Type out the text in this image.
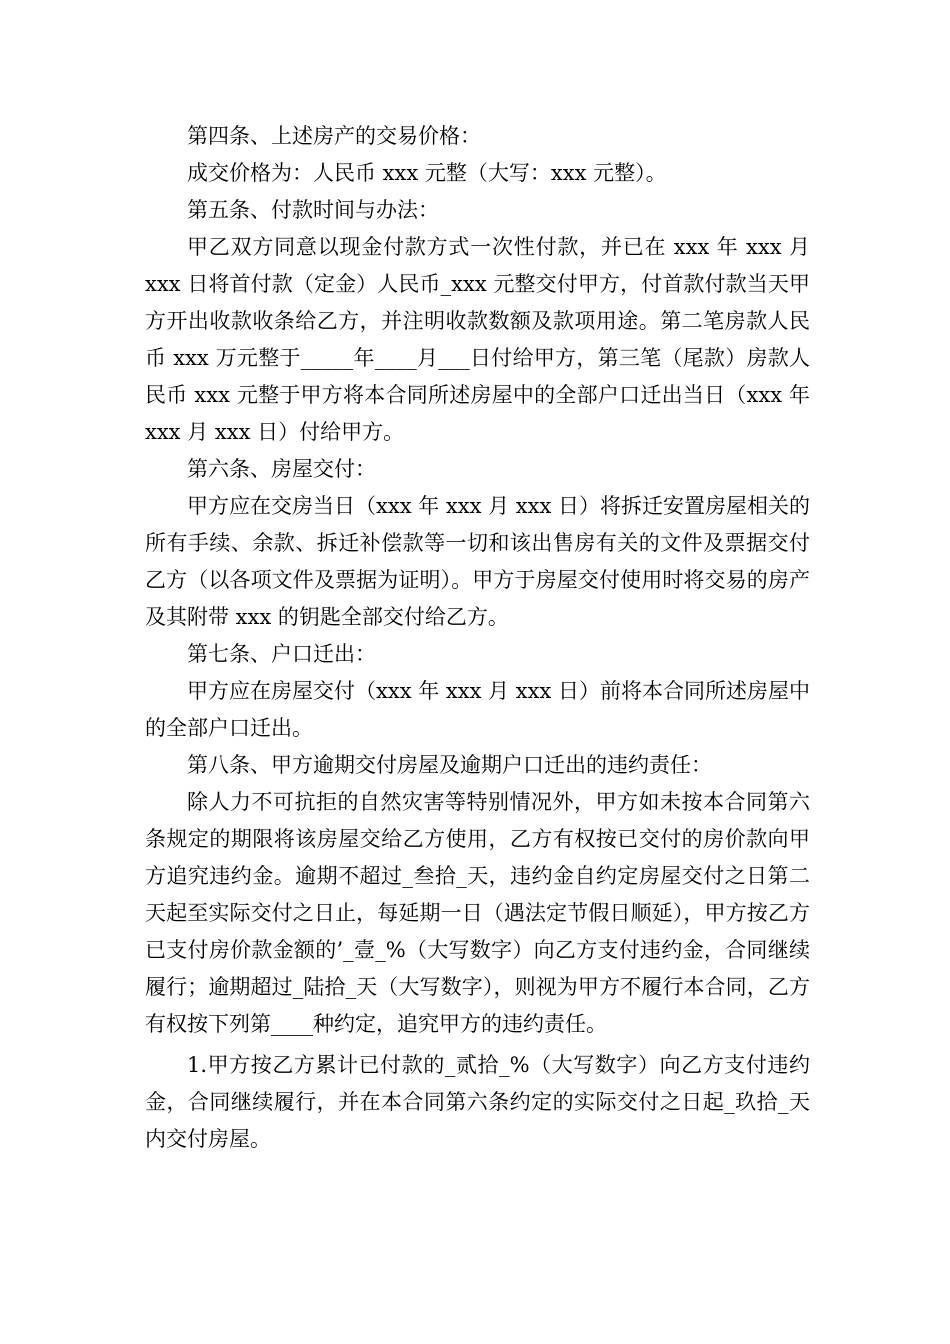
第四条、上述房产的交易价格：

成交价格为：人民币 xxx 元整（大写：xxx 元整）。

第五条、付款时间与办法：

甲乙双方同意以现金付款方式一次性付款，并已在 xxx 年 xxx 月 xxx 日将首付款（定金）人民币_xxx 元整交付甲方，付首款付款当天甲方开出收款收条给乙方，并注明收款数额及款项用途。第二笔房款人民币 xxx 万元整于_____年____月___日付给甲方，第三笔（尾款）房款人民币 xxx 元整于甲方将本合同所述房屋中的全部户口迁出当日（xxx 年 xxx 月 xxx 日）付给甲方。

第六条、房屋交付：

甲方应在交房当日（xxx 年 xxx 月 xxx 日）将拆迁安置房屋相关的所有手续、余款、拆迁补偿款等一切和该出售房有关的文件及票据交付乙方（以各项文件及票据为证明）。甲方于房屋交付使用时将交易的房产及其附带 xxx 的钥匙全部交付给乙方。

第七条、户口迁出：

甲方应在房屋交付（xxx 年 xxx 月 xxx 日）前将本合同所述房屋中的全部户口迁出。

第八条、甲方逾期交付房屋及逾期户口迁出的违约责任：

除人力不可抗拒的自然灾害等特别情况外，甲方如未按本合同第六条规定的期限将该房屋交给乙方使用，乙方有权按已交付的房价款向甲方追究违约金。逾期不超过_叁拾_天，违约金自约定房屋交付之日第二天起至实际交付之日止，每延期一日（遇法定节假日顺延），甲方按乙方已支付房价款金额的’_壹_%（大写数字）向乙方支付违约金，合同继续履行；逾期超过_陆拾_天（大写数字），则视为甲方不履行本合同，乙方有权按下列第____种约定，追究甲方的违约责任。

1.甲方按乙方累计已付款的_贰拾_%（大写数字）向乙方支付违约金，合同继续履行，并在本合同第六条约定的实际交付之日起_玖拾_天内交付房屋。
